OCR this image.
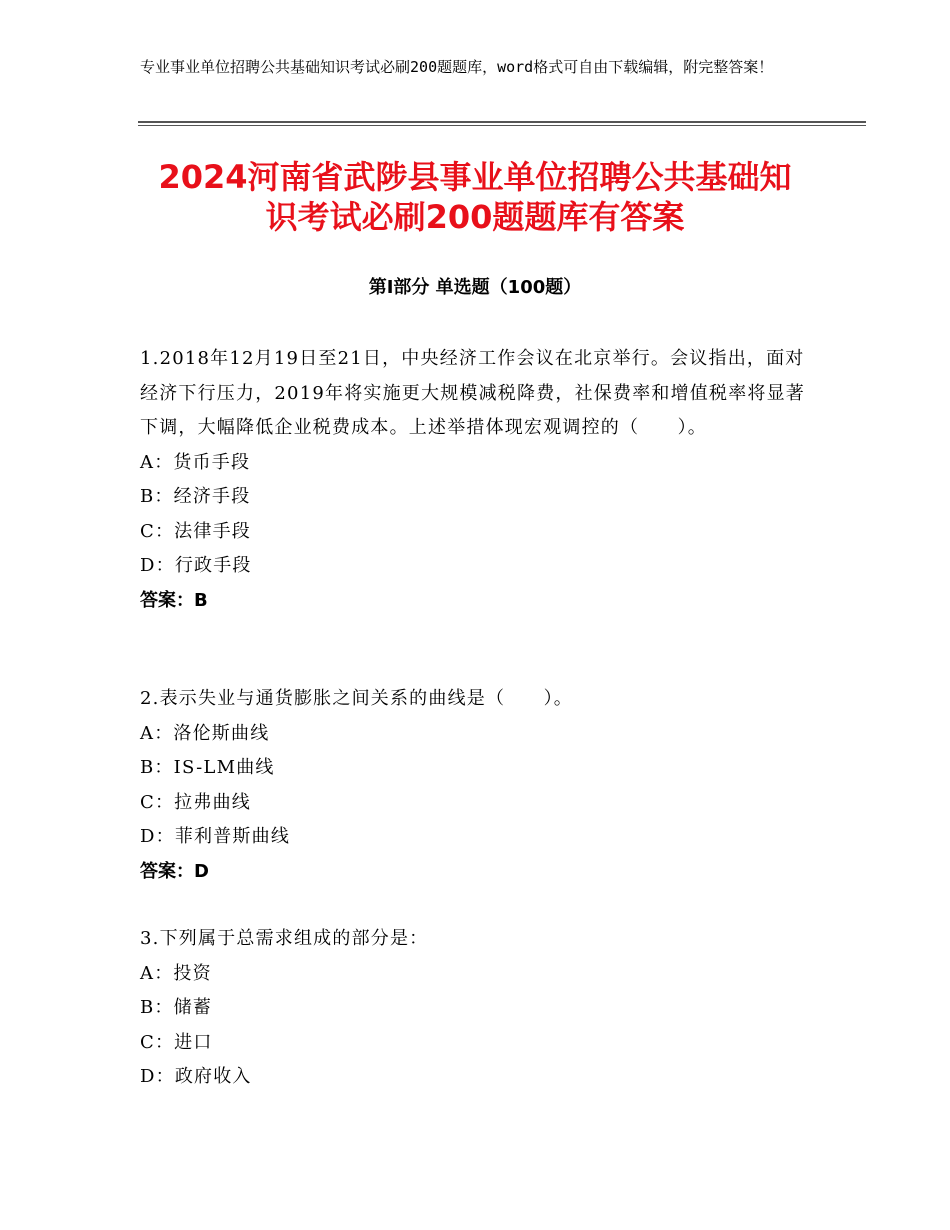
专业事业单位招聘公共基础知识考试必刷200题题库，word格式可自由下载编辑，附完整答案！
2024河南省武陟县事业单位招聘公共基础知
识考试必刷200题题库有答案
第Ⅰ部分 单选题（100题）

1.2018年12月19日至21日，中央经济工作会议在北京举行。会议指出，面对经济下行压力，2019年将实施更大规模减税降费，社保费率和增值税率将显著下调，大幅降低企业税费成本。上述举措体现宏观调控的（　　）。

A：货币手段

B：经济手段

C：法律手段

D：行政手段

答案：B

2.表示失业与通货膨胀之间关系的曲线是（　　）。

A：洛伦斯曲线

B：IS-LM曲线

C：拉弗曲线

D：菲利普斯曲线

答案：D

3.下列属于总需求组成的部分是：

A：投资

B：储蓄

C：进口

D：政府收入
